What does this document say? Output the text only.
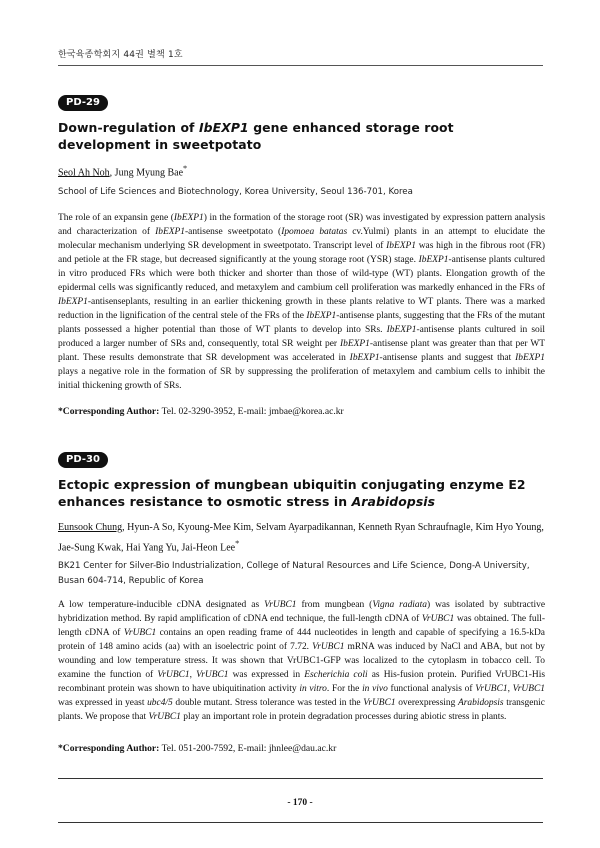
한국육종학회지 44권 별책 1호
PD-29
Down-regulation of IbEXP1 gene enhanced storage root development in sweetpotato
Seol Ah Noh, Jung Myung Bae*
School of Life Sciences and Biotechnology, Korea University, Seoul 136-701, Korea
The role of an expansin gene (IbEXP1) in the formation of the storage root (SR) was investigated by expression pattern analysis and characterization of IbEXP1-antisense sweetpotato (Ipomoea batatas cv.Yulmi) plants in an attempt to elucidate the molecular mechanism underlying SR development in sweetpotato. Transcript level of IbEXP1 was high in the fibrous root (FR) and petiole at the FR stage, but decreased significantly at the young storage root (YSR) stage. IbEXP1-antisense plants cultured in vitro produced FRs which were both thicker and shorter than those of wild-type (WT) plants. Elongation growth of the epidermal cells was significantly reduced, and metaxylem and cambium cell proliferation was markedly enhanced in the FRs of IbEXP1-antisenseplants, resulting in an earlier thickening growth in these plants relative to WT plants. There was a marked reduction in the lignification of the central stele of the FRs of the IbEXP1-antisense plants, suggesting that the FRs of the mutant plants possessed a higher potential than those of WT plants to develop into SRs. IbEXP1-antisense plants cultured in soil produced a larger number of SRs and, consequently, total SR weight per IbEXP1-antisense plant was greater than that per WT plant. These results demonstrate that SR development was accelerated in IbEXP1-antisense plants and suggest that IbEXP1 plays a negative role in the formation of SR by suppressing the proliferation of metaxylem and cambium cells to inhibit the initial thickening growth of SRs.
*Corresponding Author: Tel. 02-3290-3952, E-mail: jmbae@korea.ac.kr
PD-30
Ectopic expression of mungbean ubiquitin conjugating enzyme E2 enhances resistance to osmotic stress in Arabidopsis
Eunsook Chung, Hyun-A So, Kyoung-Mee Kim, Selvam Ayarpadikannan, Kenneth Ryan Schraufnagle, Kim Hyo Young, Jae-Sung Kwak, Hai Yang Yu, Jai-Heon Lee*
BK21 Center for Silver-Bio Industrialization, College of Natural Resources and Life Science, Dong-A University, Busan 604-714, Republic of Korea
A low temperature-inducible cDNA designated as VrUBC1 from mungbean (Vigna radiata) was isolated by subtractive hybridization method. By rapid amplification of cDNA end technique, the full-length cDNA of VrUBC1 was obtained. The full-length cDNA of VrUBC1 contains an open reading frame of 444 nucleotides in length and capable of specifying a 16.5-kDa protein of 148 amino acids (aa) with an isoelectric point of 7.72. VrUBC1 mRNA was induced by NaCl and ABA, but not by wounding and low temperature stress. It was shown that VrUBC1-GFP was localized to the cytoplasm in tobacco cell. To examine the function of VrUBC1, VrUBC1 was expressed in Escherichia coli as His-fusion protein. Purified VrUBC1-His recombinant protein was shown to have ubiquitination activity in vitro. For the in vivo functional analysis of VrUBC1, VrUBC1 was expressed in yeast ubc4/5 double mutant. Stress tolerance was tested in the VrUBC1 overexpressing Arabidopsis transgenic plants. We propose that VrUBC1 play an important role in protein degradation processes during abiotic stress in plants.
*Corresponding Author: Tel. 051-200-7592, E-mail: jhnlee@dau.ac.kr
- 170 -
